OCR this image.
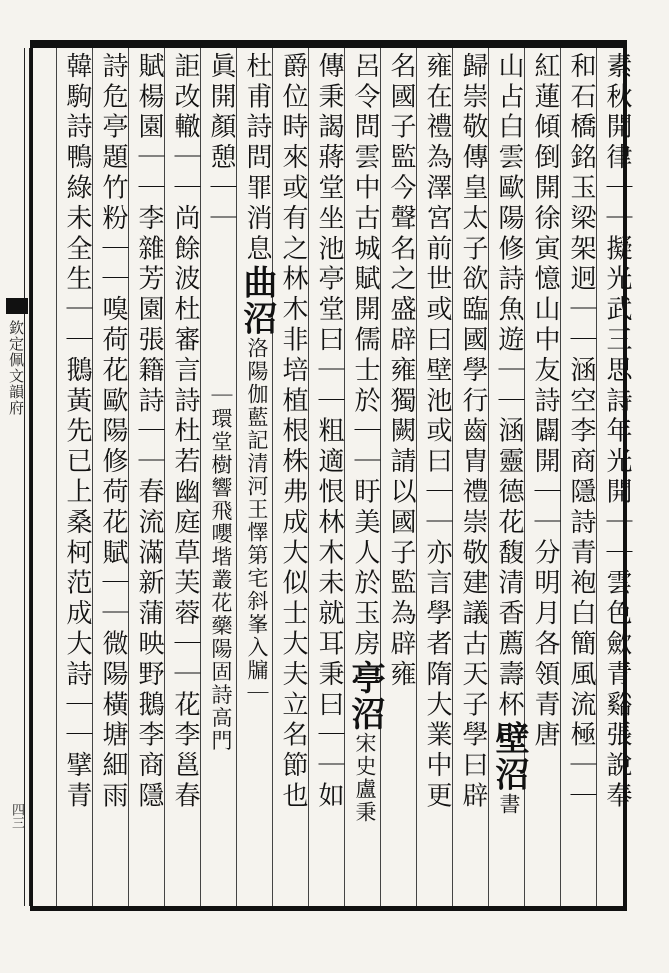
欽定佩文韻府
四三
素秋開律｜｜擬光武三思詩年光開｜｜雲色歛青谿張說奉
和石橋銘玉梁架迥｜｜涵空李商隱詩青袍白簡風流極｜｜
紅蓮傾倒開徐寅憶山中友詩闢開｜｜分明月各領青唐
山占白雲歐陽修詩魚遊｜｜涵靈德花馥清香薦壽杯壁沼書
歸崇敬傳皇太子欲臨國學行齒胄禮崇敬建議古天子學曰辟
雍在禮為澤宮前世或曰壁池或曰｜｜亦言學者隋大業中更
名國子監今聲名之盛辟雍獨闕請以國子監為辟雍
呂令問雲中古城賦開儒士於｜｜盱美人於玉房亭沼宋史盧秉
傳秉謁蔣堂坐池亭堂曰｜｜粗適恨林木未就耳秉曰｜｜如
爵位時來或有之林木非培植根株弗成大似士大夫立名節也
杜甫詩問罪消息曲沼洛陽伽藍記清河王懌第宅斜峯入牖｜
眞開顏憩｜｜｜環堂樹響飛嚶堦叢花藥陽固詩高門
詎改轍｜｜尚餘波杜審言詩杜若幽庭草芙蓉｜｜花李邕春
賦楊園｜｜李雜芳園張籍詩｜｜春流滿新蒲映野鵝李商隱
詩危亭題竹粉｜｜嗅荷花歐陽修荷花賦｜｜微陽橫塘細雨
韓駒詩鴨綠未全生｜｜鵝黃先已上桑柯范成大詩｜｜擘青
